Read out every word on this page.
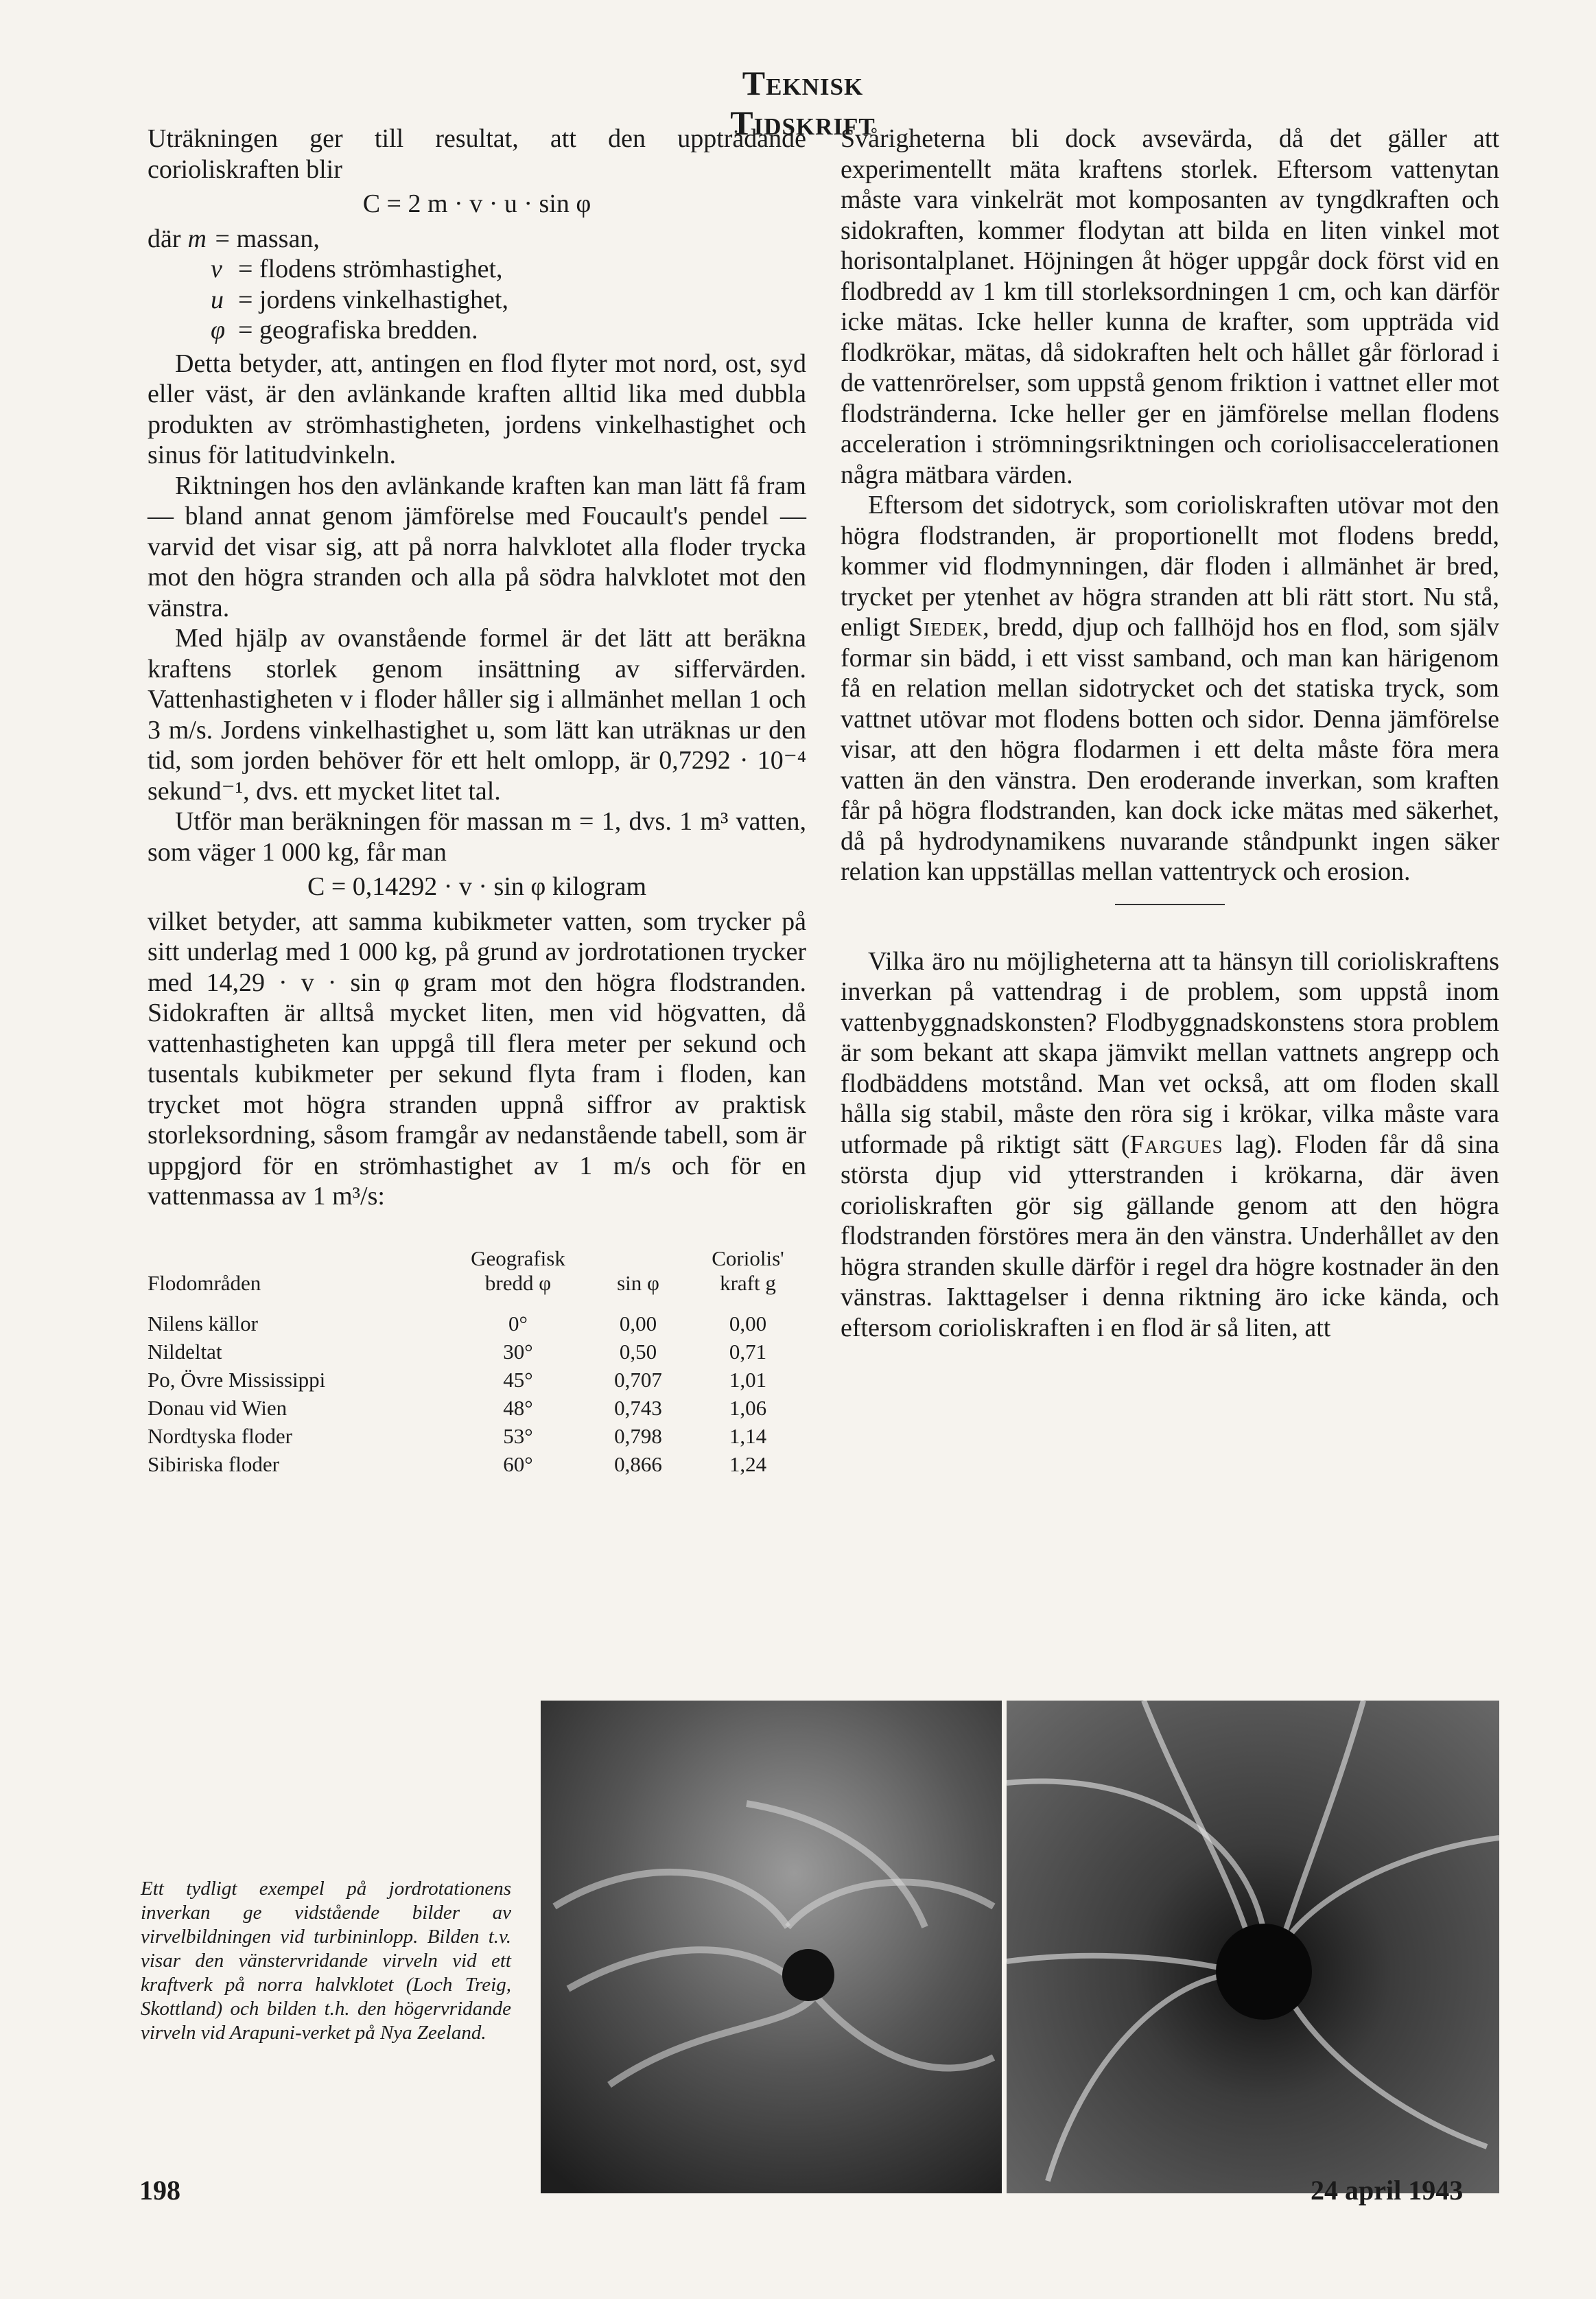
Teknisk Tidskrift

Uträkningen ger till resultat, att den uppträdande corioliskraften blir

C = 2 m · v · u · sin φ
där m = massan,
v = flodens strömhastighet,
u = jordens vinkelhastighet,
φ = geografiska bredden.

Detta betyder, att, antingen en flod flyter mot nord, ost, syd eller väst, är den avlänkande kraften alltid lika med dubbla produkten av strömhastigheten, jordens vinkelhastighet och sinus för latitudvinkeln.

Riktningen hos den avlänkande kraften kan man lätt få fram — bland annat genom jämförelse med Foucault's pendel — varvid det visar sig, att på norra halvklotet alla floder trycka mot den högra stranden och alla på södra halvklotet mot den vänstra.

Med hjälp av ovanstående formel är det lätt att beräkna kraftens storlek genom insättning av siffervärden. Vattenhastigheten v i floder håller sig i allmänhet mellan 1 och 3 m/s. Jordens vinkelhastighet u, som lätt kan uträknas ur den tid, som jorden behöver för ett helt omlopp, är 0,7292 · 10⁻⁴ sekund⁻¹, dvs. ett mycket litet tal.

Utför man beräkningen för massan m = 1, dvs. 1 m³ vatten, som väger 1 000 kg, får man

C = 0,14292 · v · sin φ kilogram

vilket betyder, att samma kubikmeter vatten, som trycker på sitt underlag med 1 000 kg, på grund av jordrotationen trycker med 14,29 · v · sin φ gram mot den högra flodstranden. Sidokraften är alltså mycket liten, men vid högvatten, då vattenhastigheten kan uppgå till flera meter per sekund och tusentals kubikmeter per sekund flyta fram i floden, kan trycket mot högra stranden uppnå siffror av praktisk storleksordning, såsom framgår av nedanstående tabell, som är uppgjord för en strömhastighet av 1 m/s och för en vattenmassa av 1 m³/s:

Flodområden	Geografisk bredd φ	sin φ	Coriolis' kraft g
Nilens källor	0°	0,00	0,00
Nildeltat	30°	0,50	0,71
Po, Övre Mississippi	45°	0,707	1,01
Donau vid Wien	48°	0,743	1,06
Nordtyska floder	53°	0,798	1,14
Sibiriska floder	60°	0,866	1,24

Svårigheterna bli dock avsevärda, då det gäller att experimentellt mäta kraftens storlek. Eftersom vattenytan måste vara vinkelrät mot komposanten av tyngdkraften och sidokraften, kommer flodytan att bilda en liten vinkel mot horisontalplanet. Höjningen åt höger uppgår dock först vid en flodbredd av 1 km till storleksordningen 1 cm, och kan därför icke mätas. Icke heller kunna de krafter, som uppträda vid flodkrökar, mätas, då sidokraften helt och hållet går förlorad i de vattenrörelser, som uppstå genom friktion i vattnet eller mot flodstränderna. Icke heller ger en jämförelse mellan flodens acceleration i strömningsriktningen och coriolisaccelerationen några mätbara värden.

Eftersom det sidotryck, som corioliskraften utövar mot den högra flodstranden, är proportionellt mot flodens bredd, kommer vid flodmynningen, där floden i allmänhet är bred, trycket per ytenhet av högra stranden att bli rätt stort. Nu stå, enligt Siedek, bredd, djup och fallhöjd hos en flod, som själv formar sin bädd, i ett visst samband, och man kan härigenom få en relation mellan sidotrycket och det statiska tryck, som vattnet utövar mot flodens botten och sidor. Denna jämförelse visar, att den högra flodarmen i ett delta måste föra mera vatten än den vänstra. Den eroderande inverkan, som kraften får på högra flodstranden, kan dock icke mätas med säkerhet, då på hydrodynamikens nuvarande ståndpunkt ingen säker relation kan uppställas mellan vattentryck och erosion.

Vilka äro nu möjligheterna att ta hänsyn till corioliskraftens inverkan på vattendrag i de problem, som uppstå inom vattenbyggnadskonsten? Flodbyggnadskonstens stora problem är som bekant att skapa jämvikt mellan vattnets angrepp och flodbäddens motstånd. Man vet också, att om floden skall hålla sig stabil, måste den röra sig i krökar, vilka måste vara utformade på riktigt sätt (Fargues lag). Floden får då sina största djup vid ytterstranden i krökarna, där även corioliskraften gör sig gällande genom att den högra flodstranden förstöres mera än den vänstra. Underhållet av den högra stranden skulle därför i regel dra högre kostnader än den vänstras. Iakttagelser i denna riktning äro icke kända, och eftersom corioliskraften i en flod är så liten, att

Ett tydligt exempel på jordrotationens inverkan ge vidstående bilder av virvelbildningen vid turbininlopp. Bilden t.v. visar den vänstervridande virveln vid ett kraftverk på norra halvklotet (Loch Treig, Skottland) och bilden t.h. den högervridande virveln vid Arapuni-verket på Nya Zeeland.
198	24 april 1943
